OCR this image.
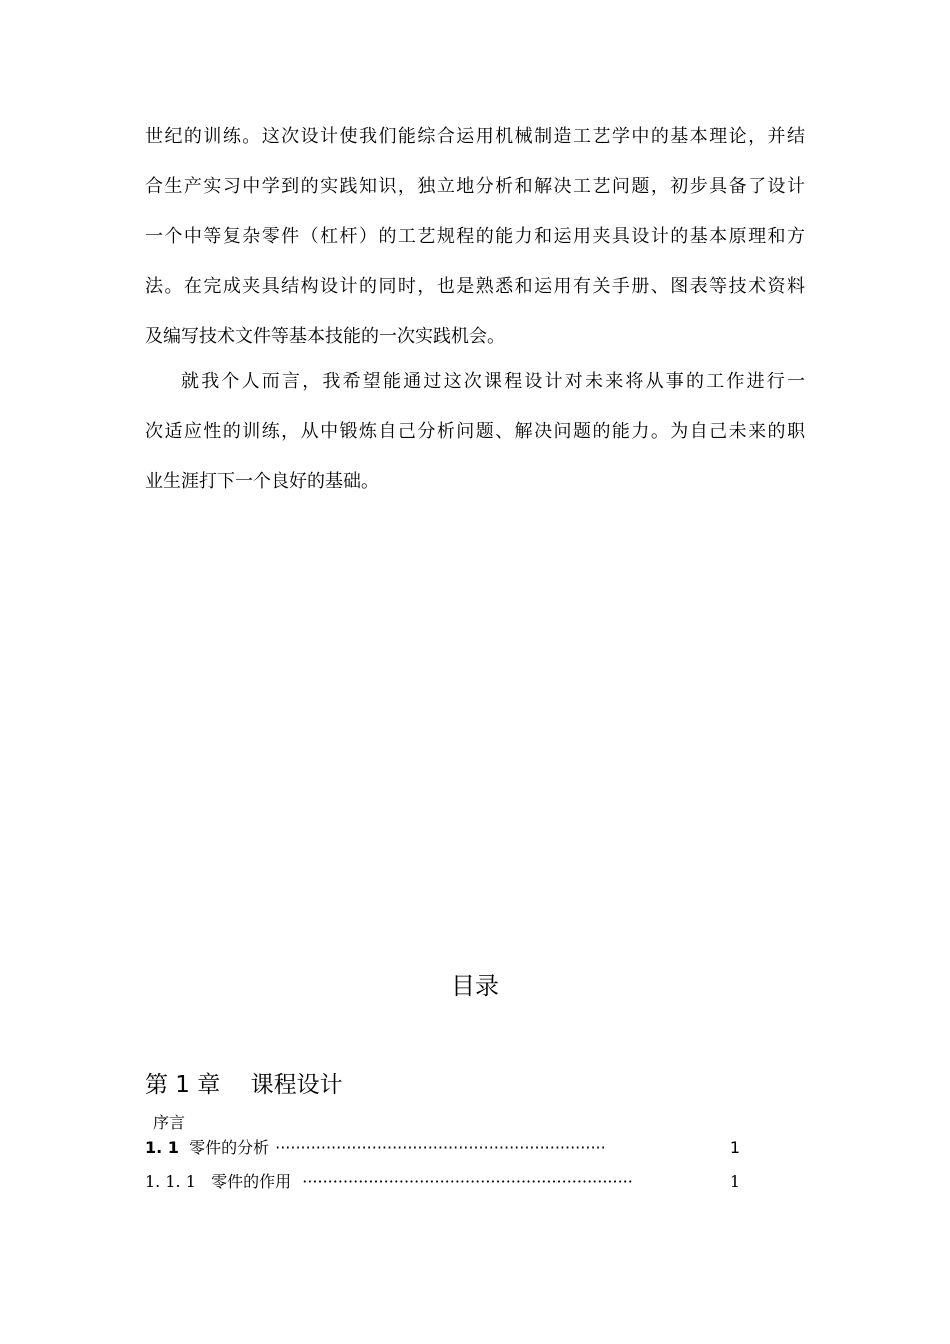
世纪的训练。这次设计使我们能综合运用机械制造工艺学中的基本理论，并结
合生产实习中学到的实践知识，独立地分析和解决工艺问题，初步具备了设计
一个中等复杂零件（杠杆）的工艺规程的能力和运用夹具设计的基本原理和方
法。在完成夹具结构设计的同时，也是熟悉和运用有关手册、图表等技术资料
及编写技术文件等基本技能的一次实践机会。
就我个人而言，我希望能通过这次课程设计对未来将从事的工作进行一
次适应性的训练，从中锻炼自己分析问题、解决问题的能力。为自己未来的职
业生涯打下一个良好的基础。
目录
第 1 章　 课程设计
序言
1. 1 零件的分析 ·································································	1
1. 1. 1 零件的作用 ·································································	1
